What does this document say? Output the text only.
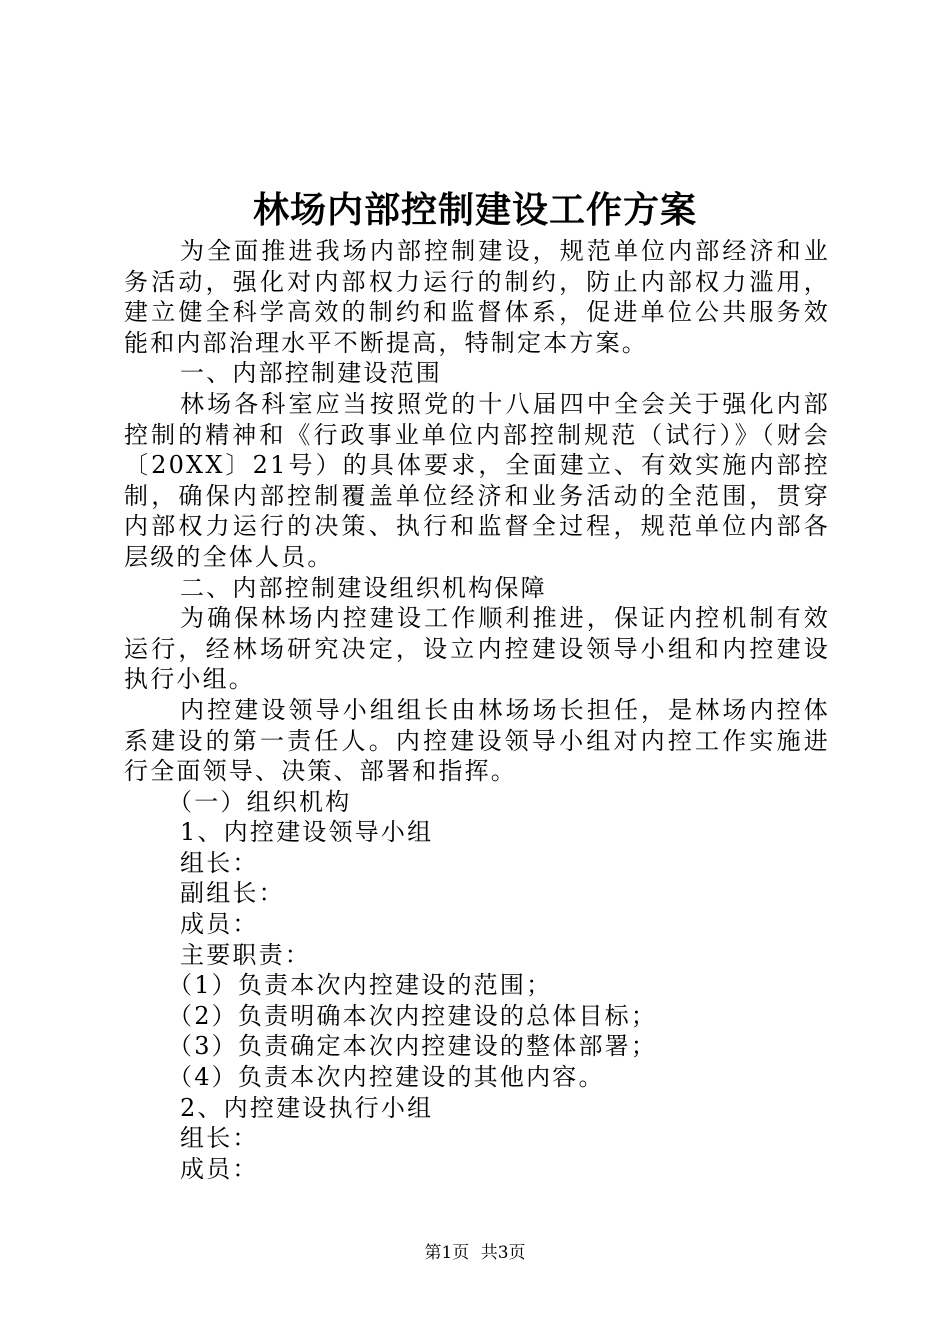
林场内部控制建设工作方案

为全面推进我场内部控制建设，规范单位内部经济和业务活动，强化对内部权力运行的制约，防止内部权力滥用，建立健全科学高效的制约和监督体系，促进单位公共服务效能和内部治理水平不断提高，特制定本方案。

一、内部控制建设范围

林场各科室应当按照党的十八届四中全会关于强化内部控制的精神和《行政事业单位内部控制规范（试行）》（财会〔20XX〕21号）的具体要求，全面建立、有效实施内部控制，确保内部控制覆盖单位经济和业务活动的全范围，贯穿内部权力运行的决策、执行和监督全过程，规范单位内部各层级的全体人员。

二、内部控制建设组织机构保障

为确保林场内控建设工作顺利推进，保证内控机制有效运行，经林场研究决定，设立内控建设领导小组和内控建设执行小组。

内控建设领导小组组长由林场场长担任，是林场内控体系建设的第一责任人。内控建设领导小组对内控工作实施进行全面领导、决策、部署和指挥。

（一）组织机构

1、内控建设领导小组

组长：

副组长：

成员：

主要职责：

（1）负责本次内控建设的范围；

（2）负责明确本次内控建设的总体目标；

（3）负责确定本次内控建设的整体部署；

（4）负责本次内控建设的其他内容。

2、内控建设执行小组

组长：

成员：

第1页 共3页
